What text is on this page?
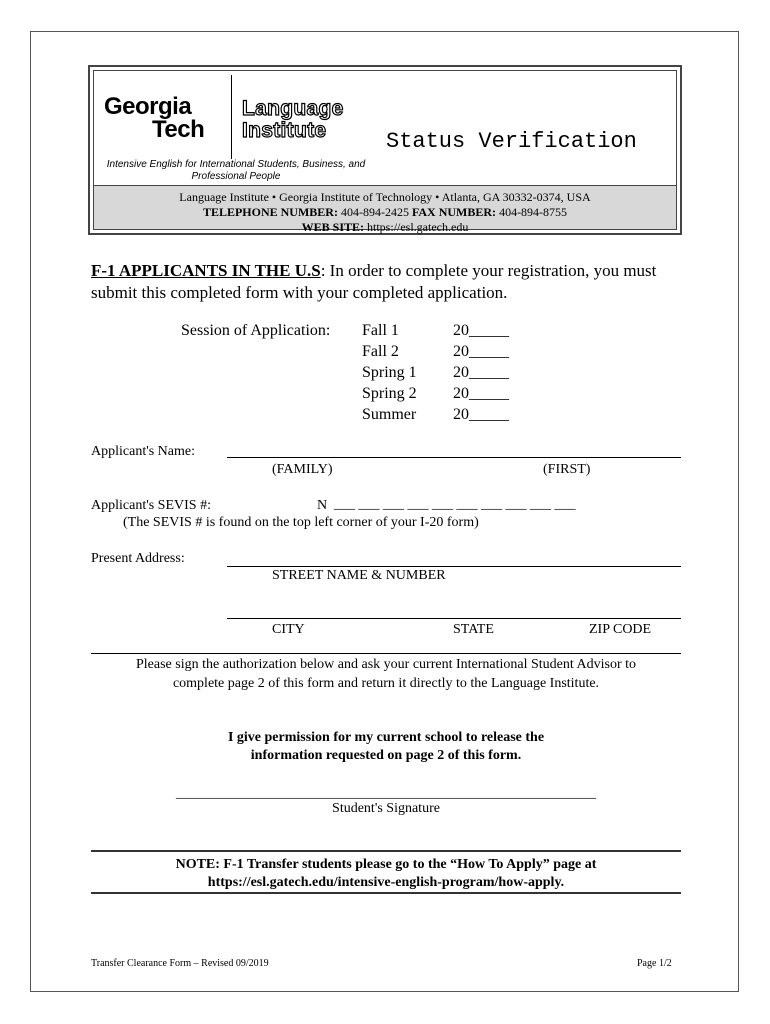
Georgia
Tech
Language
Institute
Intensive English for International Students, Business, and Professional People
Status Verification
Language Institute • Georgia Institute of Technology • Atlanta, GA 30332-0374, USA
TELEPHONE NUMBER: 404-894-2425 FAX NUMBER: 404-894-8755
WEB SITE: https://esl.gatech.edu
F-1 APPLICANTS IN THE U.S: In order to complete your registration, you must submit this completed form with your completed application.
Session of Application: Fall 1	20_____
Fall 2	20_____
Spring 1 20_____
Spring 2 20_____
Summer 20_____
Applicant's Name:
(FAMILY)	(FIRST)
Applicant's SEVIS #:	N ___ ___ ___ ___ ___ ___ ___ ___ ___ ___
(The SEVIS # is found on the top left corner of your I-20 form)
Present Address:
STREET NAME & NUMBER
CITY	STATE	ZIP CODE
Please sign the authorization below and ask your current International Student Advisor to
complete page 2 of this form and return it directly to the Language Institute.
I give permission for my current school to release the
information requested on page 2 of this form.
____________________________________________________________
Student's Signature
NOTE: F-1 Transfer students please go to the “How To Apply” page at
https://esl.gatech.edu/intensive-english-program/how-apply.
Transfer Clearance Form – Revised 09/2019	Page 1/2
